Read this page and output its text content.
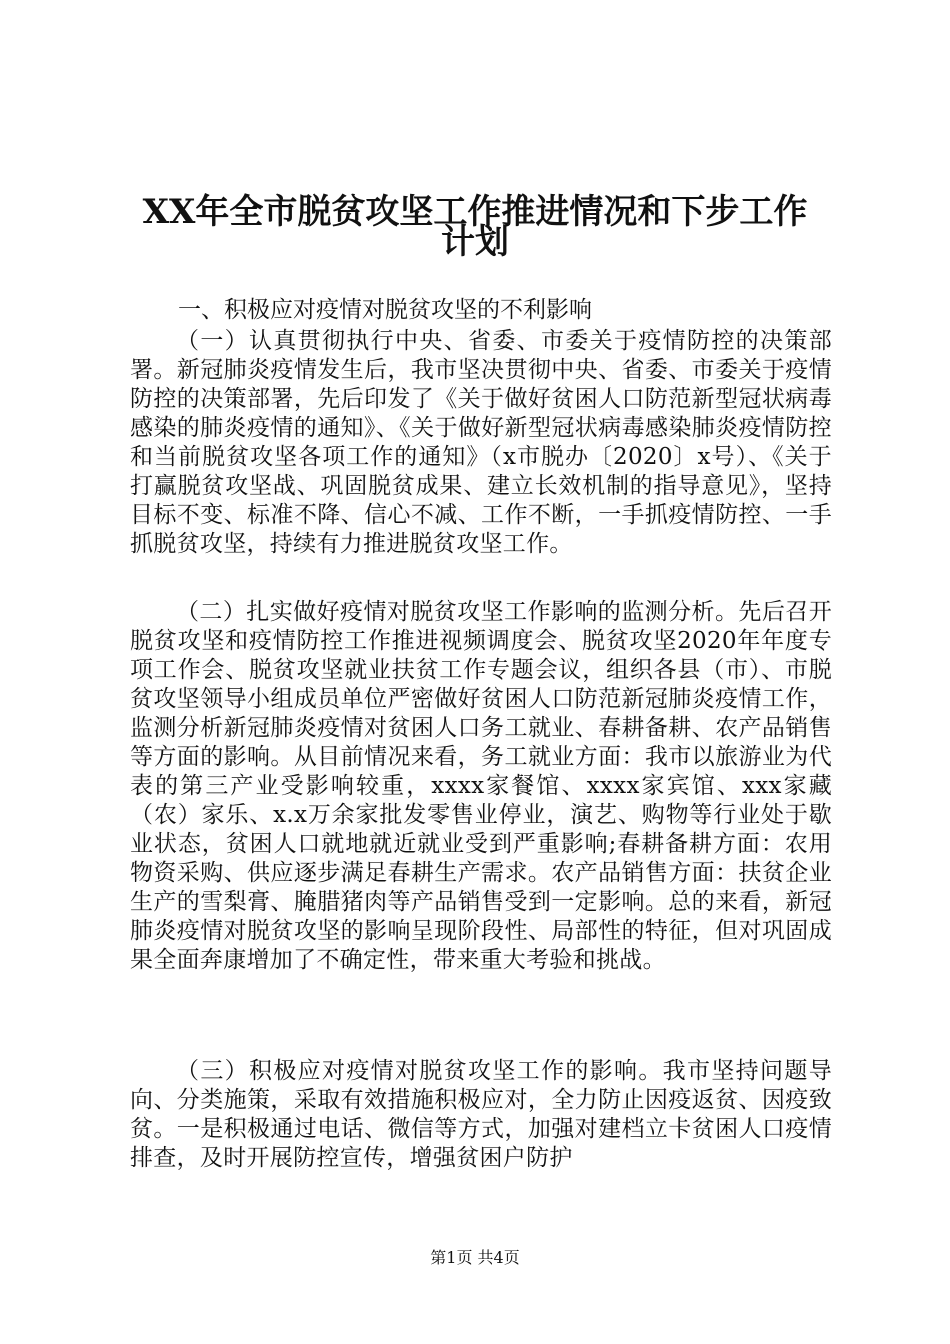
XX年全市脱贫攻坚工作推进情况和下步工作
计划

一、积极应对疫情对脱贫攻坚的不利影响

（一）认真贯彻执行中央、省委、市委关于疫情防控的决策部署。新冠肺炎疫情发生后，我市坚决贯彻中央、省委、市委关于疫情防控的决策部署，先后印发了《关于做好贫困人口防范新型冠状病毒感染的肺炎疫情的通知》、《关于做好新型冠状病毒感染肺炎疫情防控和当前脱贫攻坚各项工作的通知》（x市脱办〔2020〕x号）、《关于打赢脱贫攻坚战、巩固脱贫成果、建立长效机制的指导意见》，坚持目标不变、标准不降、信心不减、工作不断，一手抓疫情防控、一手抓脱贫攻坚，持续有力推进脱贫攻坚工作。

（二）扎实做好疫情对脱贫攻坚工作影响的监测分析。先后召开脱贫攻坚和疫情防控工作推进视频调度会、脱贫攻坚2020年年度专项工作会、脱贫攻坚就业扶贫工作专题会议，组织各县（市）、市脱贫攻坚领导小组成员单位严密做好贫困人口防范新冠肺炎疫情工作，监测分析新冠肺炎疫情对贫困人口务工就业、春耕备耕、农产品销售等方面的影响。从目前情况来看，务工就业方面：我市以旅游业为代表的第三产业受影响较重，xxxx家餐馆、xxxx家宾馆、xxx家藏（农）家乐、x.x万余家批发零售业停业，演艺、购物等行业处于歇业状态，贫困人口就地就近就业受到严重影响;春耕备耕方面：农用物资采购、供应逐步满足春耕生产需求。农产品销售方面：扶贫企业生产的雪梨膏、腌腊猪肉等产品销售受到一定影响。总的来看，新冠肺炎疫情对脱贫攻坚的影响呈现阶段性、局部性的特征，但对巩固成果全面奔康增加了不确定性，带来重大考验和挑战。

（三）积极应对疫情对脱贫攻坚工作的影响。我市坚持问题导向、分类施策，采取有效措施积极应对，全力防止因疫返贫、因疫致贫。一是积极通过电话、微信等方式，加强对建档立卡贫困人口疫情排查，及时开展防控宣传，增强贫困户防护

第1页 共4页
